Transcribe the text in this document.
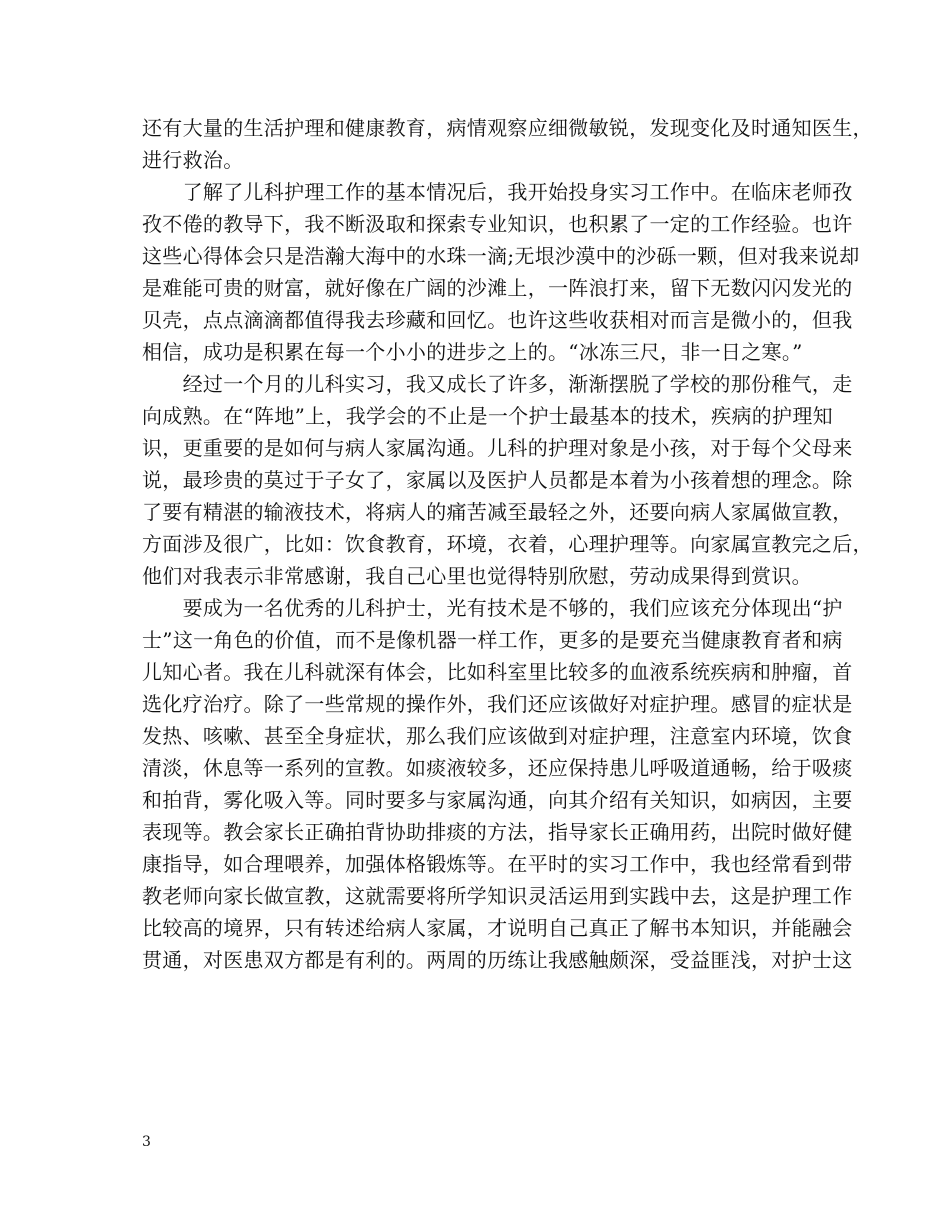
还有大量的生活护理和健康教育，病情观察应细微敏锐，发现变化及时通知医生，
进行救治。
　　了解了儿科护理工作的基本情况后，我开始投身实习工作中。在临床老师孜
孜不倦的教导下，我不断汲取和探索专业知识，也积累了一定的工作经验。也许
这些心得体会只是浩瀚大海中的水珠一滴;无垠沙漠中的沙砾一颗，但对我来说却
是难能可贵的财富，就好像在广阔的沙滩上，一阵浪打来，留下无数闪闪发光的
贝壳，点点滴滴都值得我去珍藏和回忆。也许这些收获相对而言是微小的，但我
相信，成功是积累在每一个小小的进步之上的。“冰冻三尺，非一日之寒。”
　　经过一个月的儿科实习，我又成长了许多，渐渐摆脱了学校的那份稚气，走
向成熟。在“阵地”上，我学会的不止是一个护士最基本的技术，疾病的护理知
识，更重要的是如何与病人家属沟通。儿科的护理对象是小孩，对于每个父母来
说，最珍贵的莫过于子女了，家属以及医护人员都是本着为小孩着想的理念。除
了要有精湛的输液技术，将病人的痛苦减至最轻之外，还要向病人家属做宣教，
方面涉及很广，比如：饮食教育，环境，衣着，心理护理等。向家属宣教完之后，
他们对我表示非常感谢，我自己心里也觉得特别欣慰，劳动成果得到赏识。
　　要成为一名优秀的儿科护士，光有技术是不够的，我们应该充分体现出“护
士”这一角色的价值，而不是像机器一样工作，更多的是要充当健康教育者和病
儿知心者。我在儿科就深有体会，比如科室里比较多的血液系统疾病和肿瘤，首
选化疗治疗。除了一些常规的操作外，我们还应该做好对症护理。感冒的症状是
发热、咳嗽、甚至全身症状，那么我们应该做到对症护理，注意室内环境，饮食
清淡，休息等一系列的宣教。如痰液较多，还应保持患儿呼吸道通畅，给于吸痰
和拍背，雾化吸入等。同时要多与家属沟通，向其介绍有关知识，如病因，主要
表现等。教会家长正确拍背协助排痰的方法，指导家长正确用药，出院时做好健
康指导，如合理喂养，加强体格锻炼等。在平时的实习工作中，我也经常看到带
教老师向家长做宣教，这就需要将所学知识灵活运用到实践中去，这是护理工作
比较高的境界，只有转述给病人家属，才说明自己真正了解书本知识，并能融会
贯通，对医患双方都是有利的。两周的历练让我感触颇深，受益匪浅，对护士这
3
